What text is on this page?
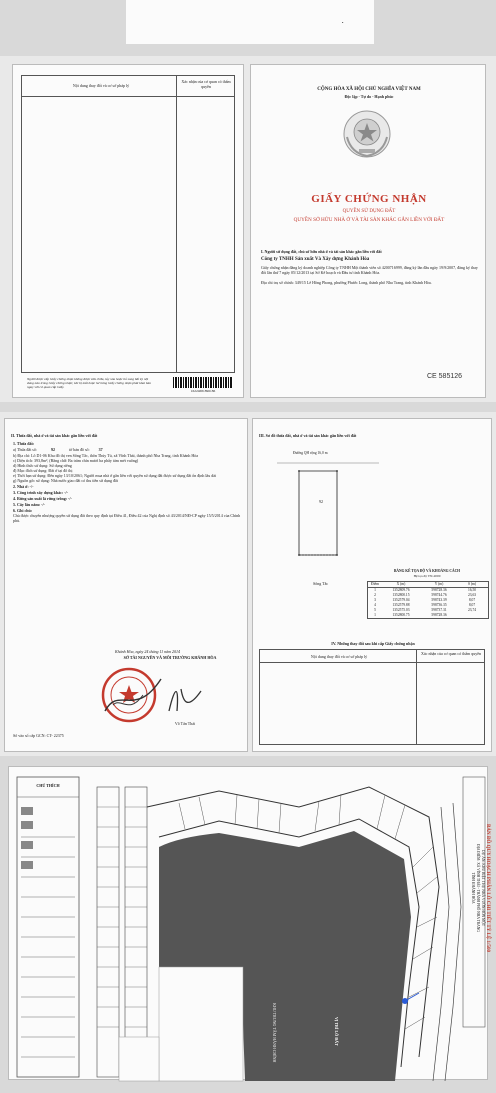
•
Nội dung thay đổi và cơ sở pháp lý
Xác nhận của cơ quan có thẩm quyền
Người được cấp Giấy chứng nhận không được sửa chữa, tẩy xóa hoặc bổ sung bất kỳ nội dung nào trong Giấy chứng nhận; khi bị mất hoặc hư hỏng Giấy chứng nhận phải khai báo ngay với cơ quan cấp Giấy.
16224681896186
CỘNG HÒA XÃ HỘI CHỦ NGHĨA VIỆT NAM
Độc lập - Tự do - Hạnh phúc
GIẤY CHỨNG NHẬN
QUYỀN SỬ DỤNG ĐẤT
QUYỀN SỞ HỮU NHÀ Ở VÀ TÀI SẢN KHÁC GẮN LIỀN VỚI ĐẤT
I. Người sử dụng đất, chủ sở hữu nhà ở và tài sản khác gắn liền với đất
Công ty TNHH Sản xuất Và Xây dựng Khánh Hòa
Giấy chứng nhận đăng ký doanh nghiệp Công ty TNHH Một thành viên số 4200716999, đăng ký lần đầu ngày 19/9/2007, đăng ký thay đổi lần thứ 7 ngày 05/12/2013 tại Sở Kế hoạch và Đầu tư tỉnh Khánh Hòa.
Địa chỉ trụ sở chính: 349/15 Lê Hồng Phong, phường Phước Long, thành phố Nha Trang, tỉnh Khánh Hòa.
CE 585126
II. Thửa đất, nhà ở và tài sản khác gắn liền với đất
1. Thửa đất:
a) Thửa đất số:	92	tờ bản đồ số: 37
b) Địa chỉ: Lô D1-06 Khu đô thị ven Sông Tắc, thôn Thủy Tú, xã Vĩnh Thái, thành phố Nha Trang, tỉnh Khánh Hòa
c) Diện tích: 393,8m², (Bằng chữ: Ba trăm chín mươi ba phẩy tám mét vuông)
d) Hình thức sử dụng: Sử dụng riêng
đ) Mục đích sử dụng: Đất ở tại đô thị
e) Thời hạn sử dụng: Đến ngày 13/10/2061; Người mua nhà ở gắn liền với quyền sử dụng đất được sử dụng đất ổn định lâu dài
g) Nguồn gốc sử dụng: Nhà nước giao đất có thu tiền sử dụng đất
2. Nhà ở: -/-
3. Công trình xây dựng khác: -/-
4. Rừng sản xuất là rừng trồng: -/-
5. Cây lâu năm: -/-
6. Ghi chú:
Chủ được chuyển nhượng quyền sử dụng đất theo quy định tại Điều 41, Điều 42 của Nghị định số 43/2014/NĐ-CP ngày 15/5/2014 của Chính phủ.
Khánh Hòa, ngày 24 tháng 11 năm 2014
SỞ TÀI NGUYÊN VÀ MÔI TRƯỜNG KHÁNH HÒA
Võ Tấn Thái
Số vào sổ cấp GCN: CT- 22375
III. Sơ đồ thửa đất, nhà ở và tài sản khác gắn liền với đất
Đường QH rộng 16,0 m
92
Sông Tắc
BẢNG KÊ TỌA ĐỘ VÀ KHOẢNG CÁCH
Hệ tọa độ VN-2000
Điểm	X (m)	Y (m)	S (m)
1	1352809.76	598728.36	16,50
2	1352800.15	598744.76	23,63
3	1352579.04	598743.39	8,07
4	1352579.88	598736.35	8,07
5	1352575.03	598737.31	23,74
1	1352800.75	598728.36
IV. Những thay đổi sau khi cấp Giấy chứng nhận
Nội dung thay đổi và cơ sở pháp lý
Xác nhận của cơ quan có thẩm quyền
CHÚ THÍCH
BẢN ĐỒ QUY HOẠCH PHÂN LÔ CHI TIẾT TỶ LỆ 1/500
DỰ ÁN: KHU BIỆT THỰ NHÀ VƯỜN HÒN MỘT
ĐỊA ĐIỂM: XÃ VĨNH THÁI - THÀNH PHỐ NHA TRANG
TỈNH KHÁNH HÒA
VỊ TRÍ LÔ ĐẤT
KHU TRUNG TÂM HÀNH CHÍNH
